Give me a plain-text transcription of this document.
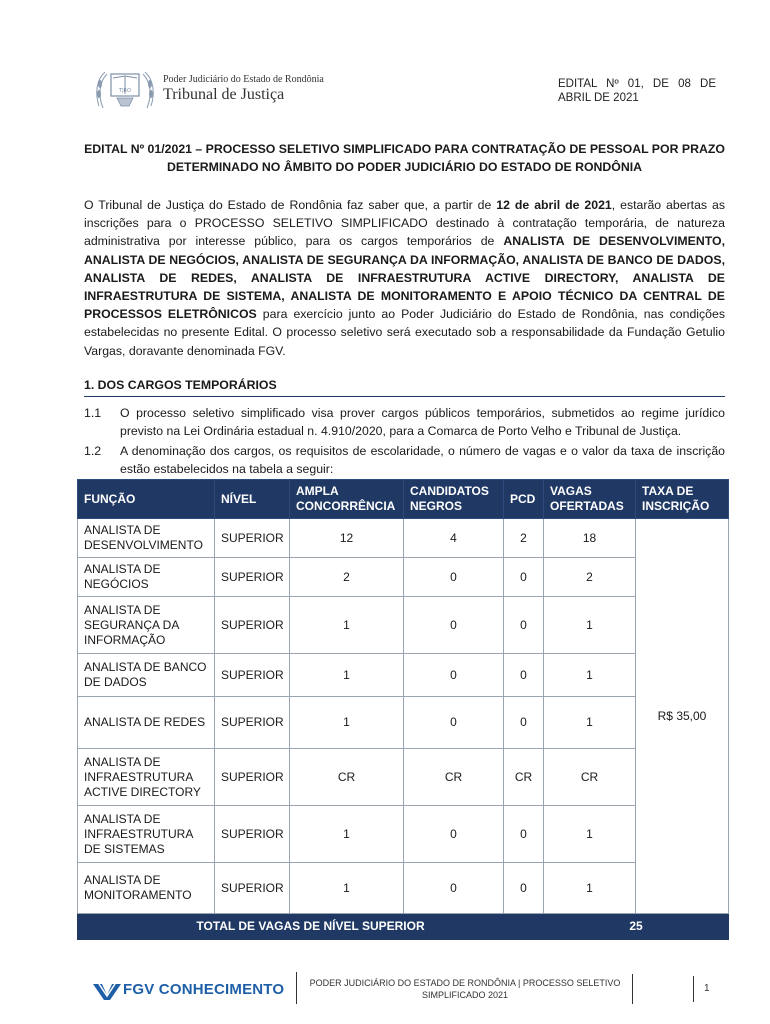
TJRO
Poder Judiciário do Estado de Rondônia
Tribunal de Justiça
EDITAL Nº 01, DE 08 DE ABRIL DE 2021
EDITAL Nº 01/2021 – PROCESSO SELETIVO SIMPLIFICADO PARA CONTRATAÇÃO DE PESSOAL POR PRAZO DETERMINADO NO ÂMBITO DO PODER JUDICIÁRIO DO ESTADO DE RONDÔNIA
O Tribunal de Justiça do Estado de Rondônia faz saber que, a partir de 12 de abril de 2021, estarão abertas as inscrições para o PROCESSO SELETIVO SIMPLIFICADO destinado à contratação temporária, de natureza administrativa por interesse público, para os cargos temporários de ANALISTA DE DESENVOLVIMENTO, ANALISTA DE NEGÓCIOS, ANALISTA DE SEGURANÇA DA INFORMAÇÃO, ANALISTA DE BANCO DE DADOS, ANALISTA DE REDES, ANALISTA DE INFRAESTRUTURA ACTIVE DIRECTORY, ANALISTA DE INFRAESTRUTURA DE SISTEMA, ANALISTA DE MONITORAMENTO E APOIO TÉCNICO DA CENTRAL DE PROCESSOS ELETRÔNICOS para exercício junto ao Poder Judiciário do Estado de Rondônia, nas condições estabelecidas no presente Edital. O processo seletivo será executado sob a responsabilidade da Fundação Getulio Vargas, doravante denominada FGV.
1. DOS CARGOS TEMPORÁRIOS
1.1 O processo seletivo simplificado visa prover cargos públicos temporários, submetidos ao regime jurídico previsto na Lei Ordinária estadual n. 4.910/2020, para a Comarca de Porto Velho e Tribunal de Justiça.
1.2 A denominação dos cargos, os requisitos de escolaridade, o número de vagas e o valor da taxa de inscrição estão estabelecidos na tabela a seguir:
FUNÇÃO	NÍVEL	AMPLA CONCORRÊNCIA	CANDIDATOS NEGROS	PCD	VAGAS OFERTADAS	TAXA DE INSCRIÇÃO
ANALISTA DE DESENVOLVIMENTO	SUPERIOR	12	4	2	18	R$ 35,00
ANALISTA DE NEGÓCIOS	SUPERIOR	2	0	0	2	
ANALISTA DE SEGURANÇA DA INFORMAÇÃO	SUPERIOR	1	0	0	1	
ANALISTA DE BANCO DE DADOS	SUPERIOR	1	0	0	1	
ANALISTA DE REDES	SUPERIOR	1	0	0	1	
ANALISTA DE INFRAESTRUTURA ACTIVE DIRECTORY	SUPERIOR	CR	CR	CR	CR	
ANALISTA DE INFRAESTRUTURA DE SISTEMAS	SUPERIOR	1	0	0	1	
ANALISTA DE MONITORAMENTO	SUPERIOR	1	0	0	1	
TOTAL DE VAGAS DE NÍVEL SUPERIOR					25	
FGV CONHECIMENTO	PODER JUDICIÁRIO DO ESTADO DE RONDÔNIA | PROCESSO SELETIVO SIMPLIFICADO 2021
1
